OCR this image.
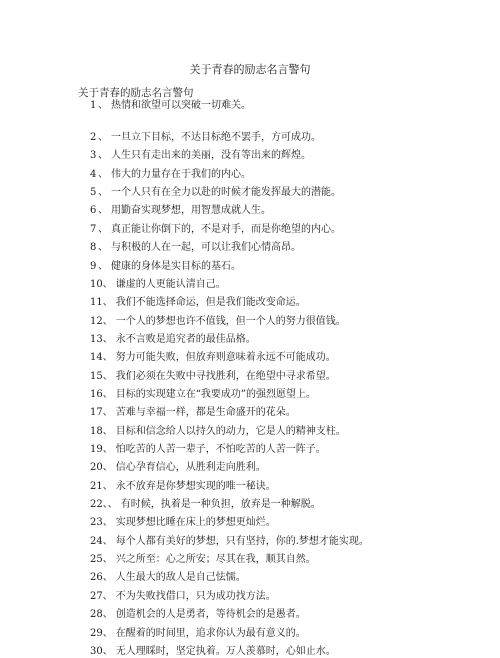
关于青春的励志名言警句
关于青春的励志名言警句
1 、 热情和欲望可以突破一切难关。
2 、 一旦立下目标，不达目标绝不罢手，方可成功。
3 、 人生只有走出来的美丽，没有等出来的辉煌。
4 、 伟大的力量存在于我们的内心。
5 、 一个人只有在全力以赴的时候才能发挥最大的潜能。
6 、 用勤奋实现梦想，用智慧成就人生。
7 、 真正能让你倒下的，不是对手，而是你绝望的内心。
8 、 与积极的人在一起，可以让我们心情高昂。
9 、 健康的身体是实目标的基石。
10、 谦虚的人更能认清自己。
11、 我们不能选择命运，但是我们能改变命运。
12、 一个人的梦想也许不值钱，但一个人的努力很值钱。
13、 永不言败是追究者的最佳品格。
14、 努力可能失败，但放弃则意味着永远不可能成功。
15、 我们必须在失败中寻找胜利，在绝望中寻求希望。
16、 目标的实现建立在“我要成功”的强烈愿望上。
17、 苦难与幸福一样，都是生命盛开的花朵。
18、 目标和信念给人以持久的动力，它是人的精神支柱。
19、 怕吃苦的人苦一辈子，不怕吃苦的人苦一阵子。
20、 信心孕育信心，从胜利走向胜利。
21、 永不放弃是你梦想实现的唯一秘诀。
22、、 有时候，执着是一种负担，放弃是一种解脱。
23、 实现梦想比睡在床上的梦想更灿烂。
24、 每个人都有美好的梦想，只有坚持，你的.梦想才能实现。
25、 兴之所至：心之所安；尽其在我，顺其自然。
26、 人生最大的敌人是自己怯懦。
27、 不为失败找借口，只为成功找方法。
28、 创造机会的人是勇者，等待机会的是愚者。
29、 在醒着的时间里，追求你认为最有意义的。
30、 无人理睬时，坚定执着。万人羡慕时，心如止水。
